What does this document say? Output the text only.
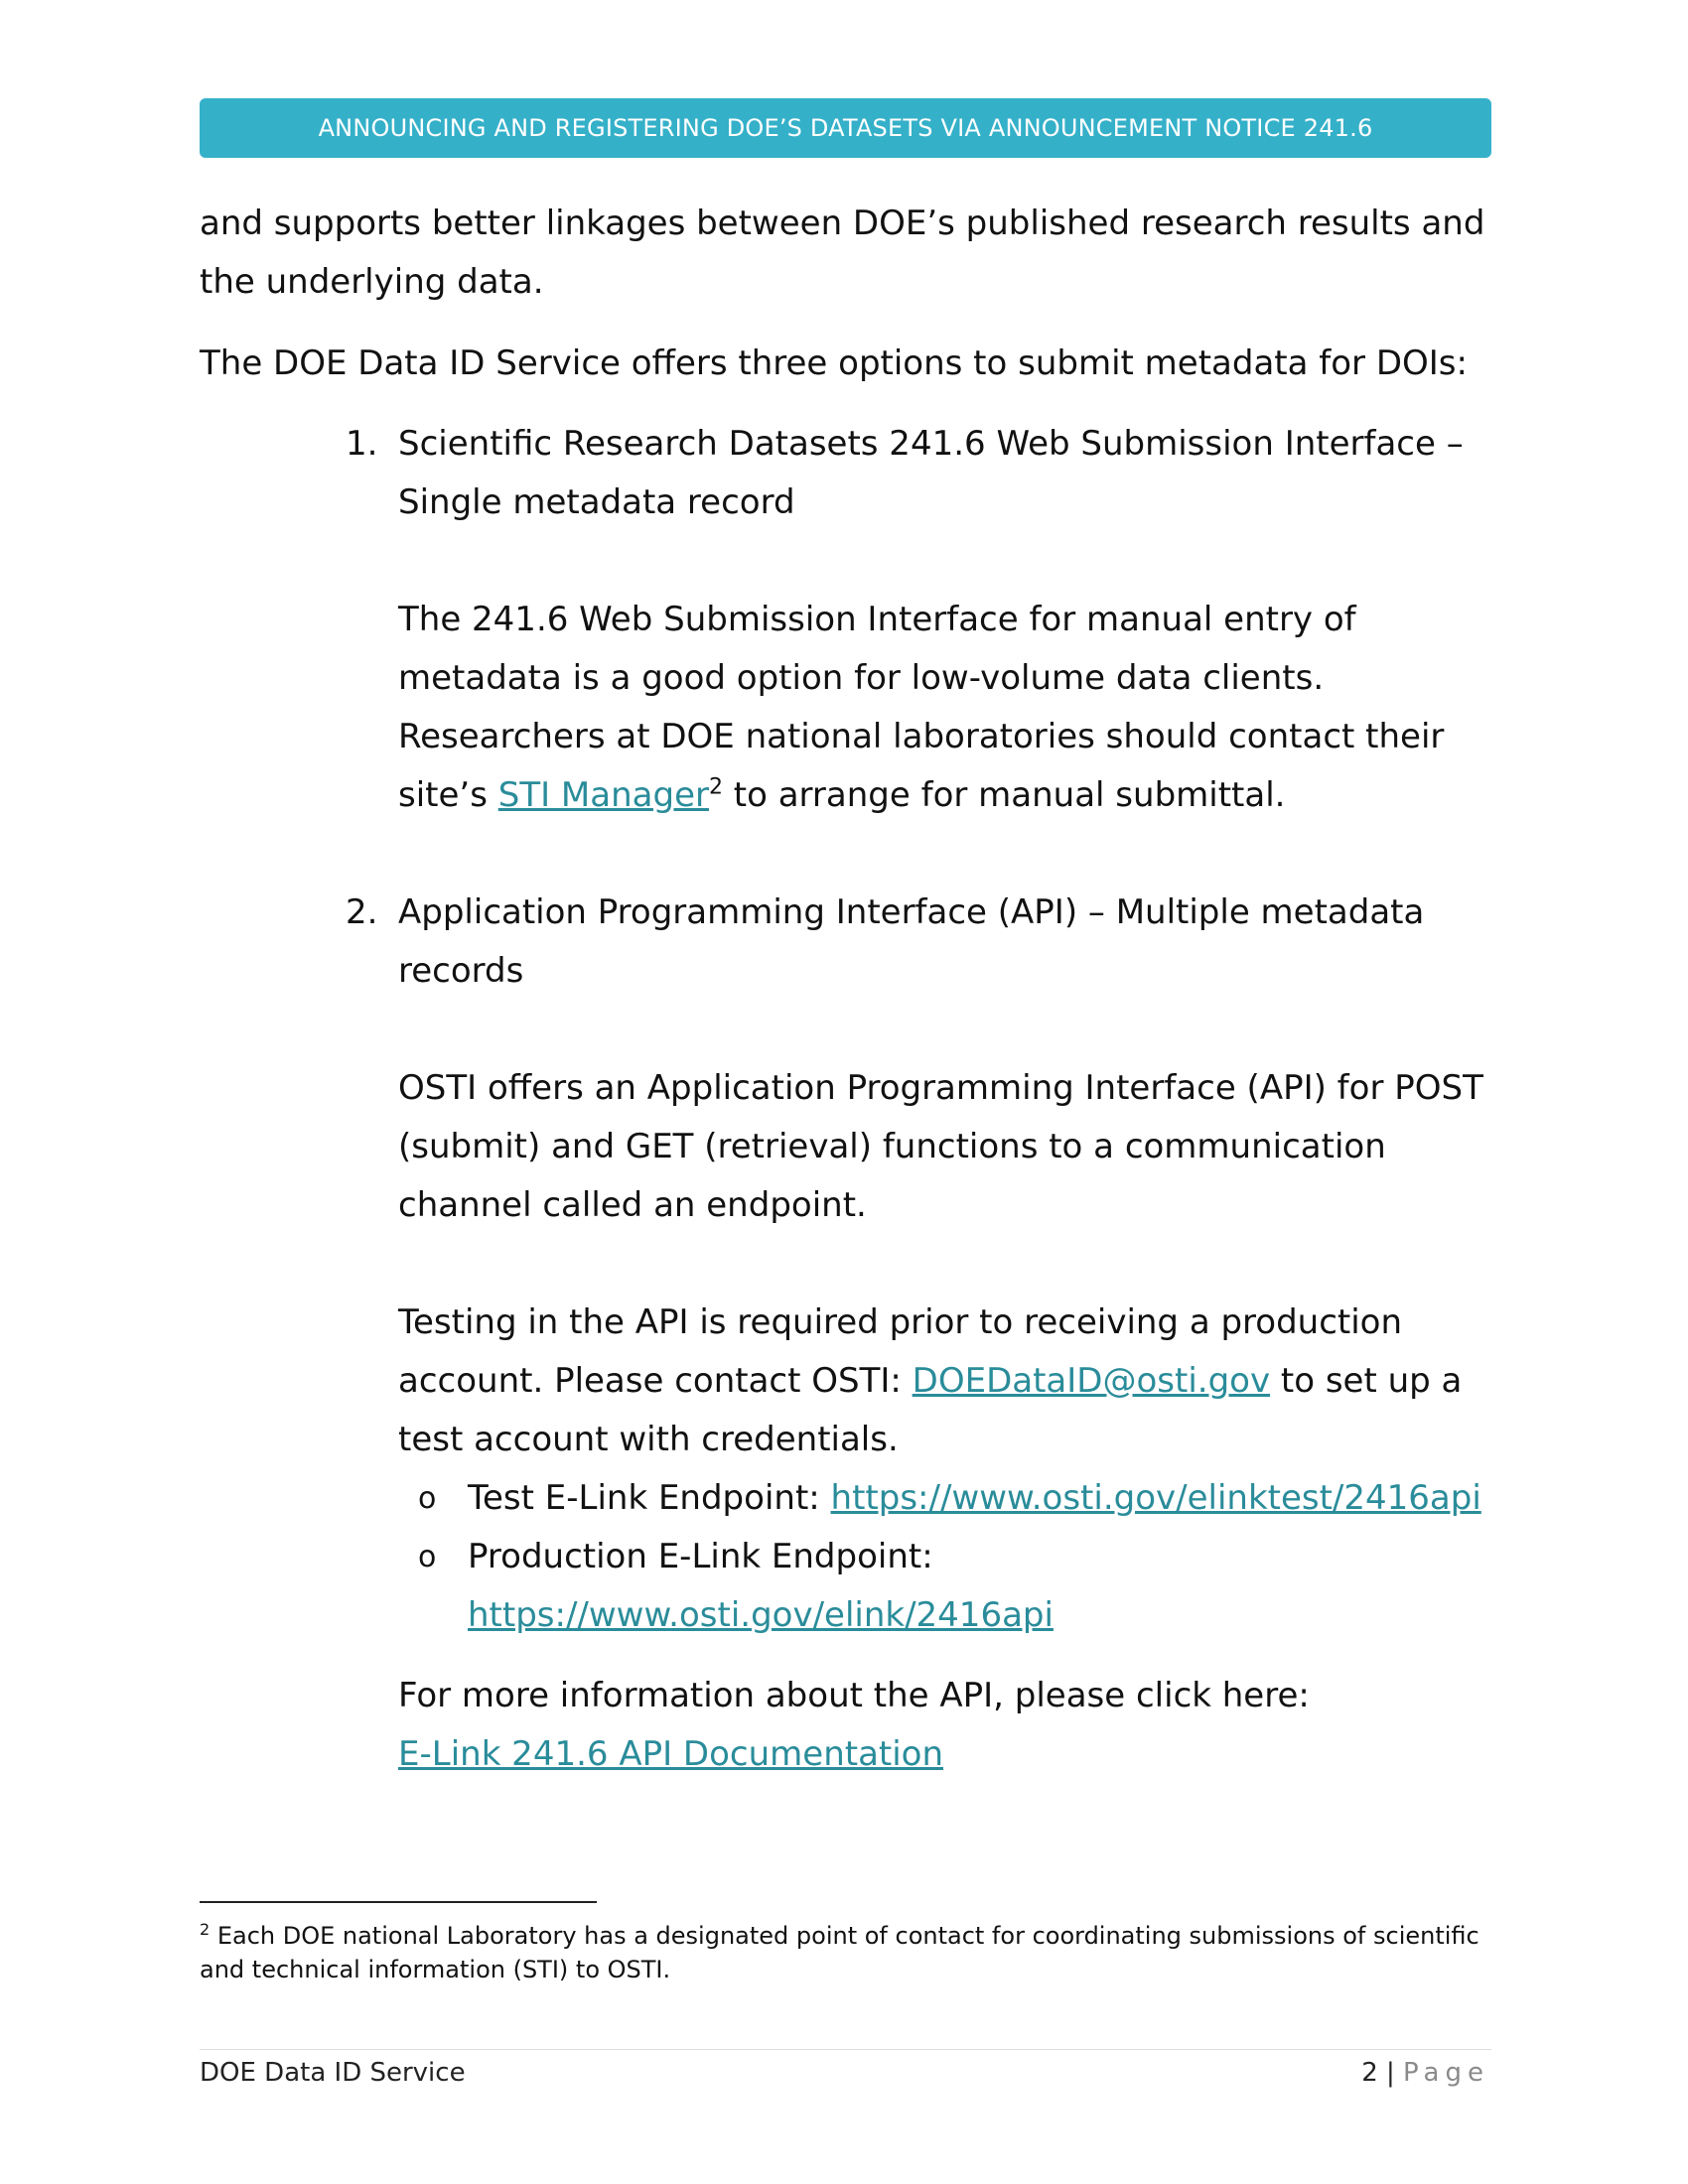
ANNOUNCING AND REGISTERING DOE’S DATASETS VIA ANNOUNCEMENT NOTICE 241.6

and supports better linkages between DOE’s published research results and the underlying data.

The DOE Data ID Service offers three options to submit metadata for DOIs:

1. Scientific Research Datasets 241.6 Web Submission Interface – Single metadata record

The 241.6 Web Submission Interface for manual entry of metadata is a good option for low-volume data clients. Researchers at DOE national laboratories should contact their site’s STI Manager$^2$ to arrange for manual submittal.

2. Application Programming Interface (API) – Multiple metadata records

OSTI offers an Application Programming Interface (API) for POST (submit) and GET (retrieval) functions to a communication channel called an endpoint.

Testing in the API is required prior to receiving a production account. Please contact OSTI: DOEDataID@osti.gov to set up a test account with credentials.

o Test E-Link Endpoint: https://www.osti.gov/elinktest/2416api
o Production E-Link Endpoint: https://www.osti.gov/elink/2416api

For more information about the API, please click here:

E-Link 241.6 API Documentation

$^2$ Each DOE national Laboratory has a designated point of contact for coordinating submissions of scientific and technical information (STI) to OSTI.
DOE Data ID Service	2 | Page
